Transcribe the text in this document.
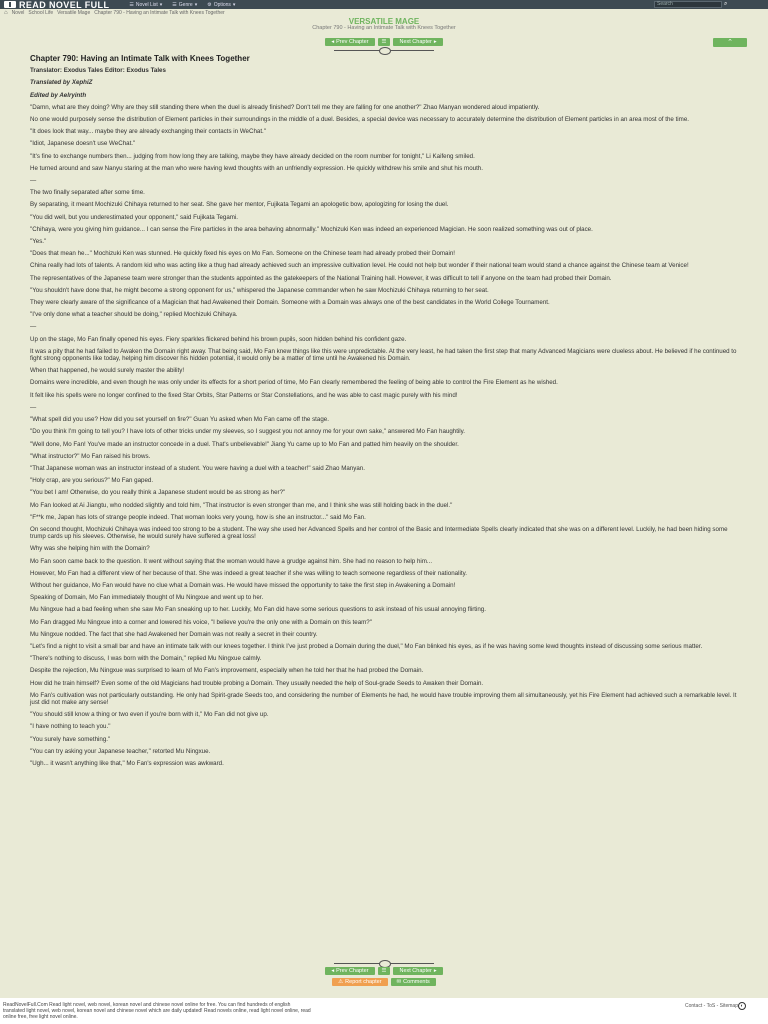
READ NOVEL FULL	☰ Novel List ▾ ☰ Genre ▾ ⚙ Options ▾	Search	⌕
⌂ Novel School Life Versatile Mage Chapter 790 - Having an Intimate Talk with Knees Together
VERSATILE MAGE
Chapter 790 - Having an Intimate Talk with Knees Together
◂ Prev Chapter	☰	Next Chapter ▸	⌃
Chapter 790: Having an Intimate Talk with Knees Together

Translator: Exodus Tales Editor: Exodus Tales

Translated by XephiZ

Edited by Aelryinth

"Damn, what are they doing? Why are they still standing there when the duel is already finished? Don't tell me they are falling for one another?" Zhao Manyan wondered aloud impatiently.

No one would purposely sense the distribution of Element particles in their surroundings in the middle of a duel. Besides, a special device was necessary to accurately determine the distribution of Element particles in an area most of the time.

"It does look that way... maybe they are already exchanging their contacts in WeChat."

"Idiot, Japanese doesn't use WeChat."

"It's fine to exchange numbers then... judging from how long they are talking, maybe they have already decided on the room number for tonight," Li Kaifeng smiled.

He turned around and saw Nanyu staring at the man who were having lewd thoughts with an unfriendly expression. He quickly withdrew his smile and shut his mouth.

—

The two finally separated after some time.

By separating, it meant Mochizuki Chihaya returned to her seat. She gave her mentor, Fujikata Tegami an apologetic bow, apologizing for losing the duel.

"You did well, but you underestimated your opponent," said Fujikata Tegami.

"Chihaya, were you giving him guidance... I can sense the Fire particles in the area behaving abnormally." Mochizuki Ken was indeed an experienced Magician. He soon realized something was out of place.

"Yes."

"Does that mean he..." Mochizuki Ken was stunned. He quickly fixed his eyes on Mo Fan. Someone on the Chinese team had already probed their Domain!

China really had lots of talents. A random kid who was acting like a thug had already achieved such an impressive cultivation level. He could not help but wonder if their national team would stand a chance against the Chinese team at Venice!

The representatives of the Japanese team were stronger than the students appointed as the gatekeepers of the National Training hall. However, it was difficult to tell if anyone on the team had probed their Domain.

"You shouldn't have done that, he might become a strong opponent for us," whispered the Japanese commander when he saw Mochizuki Chihaya returning to her seat.

They were clearly aware of the significance of a Magician that had Awakened their Domain. Someone with a Domain was always one of the best candidates in the World College Tournament.

"I've only done what a teacher should be doing," replied Mochizuki Chihaya.

—

Up on the stage, Mo Fan finally opened his eyes. Fiery sparkles flickered behind his brown pupils, soon hidden behind his confident gaze.

It was a pity that he had failed to Awaken the Domain right away. That being said, Mo Fan knew things like this were unpredictable. At the very least, he had taken the first step that many Advanced Magicians were clueless about. He believed if he continued to fight strong opponents like today, helping him discover his hidden potential, it would only be a matter of time until he Awakened his Domain.

When that happened, he would surely master the ability!

Domains were incredible, and even though he was only under its effects for a short period of time, Mo Fan clearly remembered the feeling of being able to control the Fire Element as he wished.

It felt like his spells were no longer confined to the fixed Star Orbits, Star Patterns or Star Constellations, and he was able to cast magic purely with his mind!

—

"What spell did you use? How did you set yourself on fire?" Guan Yu asked when Mo Fan came off the stage.

"Do you think I'm going to tell you? I have lots of other tricks under my sleeves, so I suggest you not annoy me for your own sake," answered Mo Fan haughtily.

"Well done, Mo Fan! You've made an instructor concede in a duel. That's unbelievable!" Jiang Yu came up to Mo Fan and patted him heavily on the shoulder.

"What instructor?" Mo Fan raised his brows.

"That Japanese woman was an instructor instead of a student. You were having a duel with a teacher!" said Zhao Manyan.

"Holy crap, are you serious?" Mo Fan gaped.

"You bet I am! Otherwise, do you really think a Japanese student would be as strong as her?"

Mo Fan looked at Ai Jiangtu, who nodded slightly and told him, "That instructor is even stronger than me, and I think she was still holding back in the duel."

"F**k me, Japan has lots of strange people indeed. That woman looks very young, how is she an instructor..." said Mo Fan.

On second thought, Mochizuki Chihaya was indeed too strong to be a student. The way she used her Advanced Spells and her control of the Basic and Intermediate Spells clearly indicated that she was on a different level. Luckily, he had been hiding some trump cards up his sleeves. Otherwise, he would surely have suffered a great loss!

Why was she helping him with the Domain?

Mo Fan soon came back to the question. It went without saying that the woman would have a grudge against him. She had no reason to help him...

However, Mo Fan had a different view of her because of that. She was indeed a great teacher if she was willing to teach someone regardless of their nationality.

Without her guidance, Mo Fan would have no clue what a Domain was. He would have missed the opportunity to take the first step in Awakening a Domain!

Speaking of Domain, Mo Fan immediately thought of Mu Ningxue and went up to her.

Mu Ningxue had a bad feeling when she saw Mo Fan sneaking up to her. Luckily, Mo Fan did have some serious questions to ask instead of his usual annoying flirting.

Mo Fan dragged Mu Ningxue into a corner and lowered his voice, "I believe you're the only one with a Domain on this team?"

Mu Ningxue nodded. The fact that she had Awakened her Domain was not really a secret in their country.

"Let's find a night to visit a small bar and have an intimate talk with our knees together. I think I've just probed a Domain during the duel," Mo Fan blinked his eyes, as if he was having some lewd thoughts instead of discussing some serious matter.

"There's nothing to discuss, I was born with the Domain," replied Mu Ningxue calmly.

Despite the rejection, Mu Ningxue was surprised to learn of Mo Fan's improvement, especially when he told her that he had probed the Domain.

How did he train himself? Even some of the old Magicians had trouble probing a Domain. They usually needed the help of Soul-grade Seeds to Awaken their Domain.

Mo Fan's cultivation was not particularly outstanding. He only had Spirit-grade Seeds too, and considering the number of Elements he had, he would have trouble improving them all simultaneously, yet his Fire Element had achieved such a remarkable level. It just did not make any sense!

"You should still know a thing or two even if you're born with it," Mo Fan did not give up.

"I have nothing to teach you."

"You surely have something."

"You can try asking your Japanese teacher," retorted Mu Ningxue.

"Ugh... it wasn't anything like that," Mo Fan's expression was awkward.

◂ Prev Chapter	☰	Next Chapter ▸
⚠ Report chapter	✉ Comments
ReadNovelFull.Com Read light novel, web novel, korean novel and chinese novel online for free. You can find hundreds of english translated light novel, web novel, korean novel and chinese novel which are daily updated! Read novels online, read light novel online, read online free, free light novel online.
Contact - ToS - Sitemap ◐
